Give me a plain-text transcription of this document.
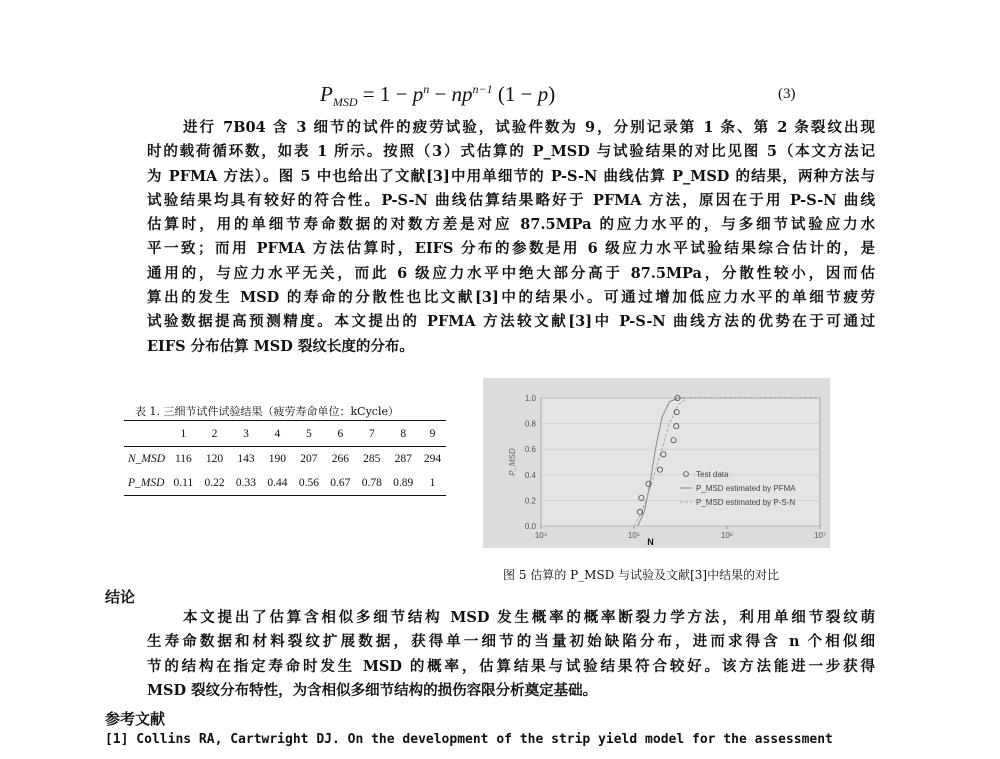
$P_{MSD} = 1 - p^n - np^{n-1}$ (1 − p)	(3)

进行 7B04 含 3 细节的试件的疲劳试验，试验件数为 9，分别记录第 1 条、第 2 条裂纹出现

时的载荷循环数，如表 1 所示。按照（3）式估算的 P_MSD 与试验结果的对比见图 5（本文方法记

为 PFMA 方法）。图 5 中也给出了文献[3]中用单细节的 P-S-N 曲线估算 P_MSD 的结果，两种方法与

试验结果均具有较好的符合性。P-S-N 曲线估算结果略好于 PFMA 方法，原因在于用 P-S-N 曲线

估算时，用的单细节寿命数据的对数方差是对应 87.5MPa 的应力水平的，与多细节试验应力水

平一致；而用 PFMA 方法估算时，EIFS 分布的参数是用 6 级应力水平试验结果综合估计的，是

通用的，与应力水平无关，而此 6 级应力水平中绝大部分高于 87.5MPa，分散性较小，因而估

算出的发生 MSD 的寿命的分散性也比文献[3]中的结果小。可通过增加低应力水平的单细节疲劳

试验数据提高预测精度。本文提出的 PFMA 方法较文献[3]中 P-S-N 曲线方法的优势在于可通过

EIFS 分布估算 MSD 裂纹长度的分布。

表 1. 三细节试件试验结果（疲劳寿命单位：kCycle）
	1	2	3	4	5	6	7	8	9
N_MSD	116	120	143	190	207	266	285	287	294
P_MSD	0.11	0.22	0.33	0.44	0.56	0.67	0.78	0.89	1
0.0
0.2
0.4
0.6
0.8
1.0
10⁴	10⁵	10⁶	10⁷
N
P_MSD	Test data
P_MSD estimated by PFMA
P_MSD estimated by P-S-N
图 5 估算的 P_MSD 与试验及文献[3]中结果的对比
结论

本文提出了估算含相似多细节结构 MSD 发生概率的概率断裂力学方法，利用单细节裂纹萌

生寿命数据和材料裂纹扩展数据，获得单一细节的当量初始缺陷分布，进而求得含 n 个相似细

节的结构在指定寿命时发生 MSD 的概率，估算结果与试验结果符合较好。该方法能进一步获得

MSD 裂纹分布特性，为含相似多细节结构的损伤容限分析奠定基础。

参考文献
[1] Collins RA, Cartwright DJ. On the development of the strip yield model for the assessment
